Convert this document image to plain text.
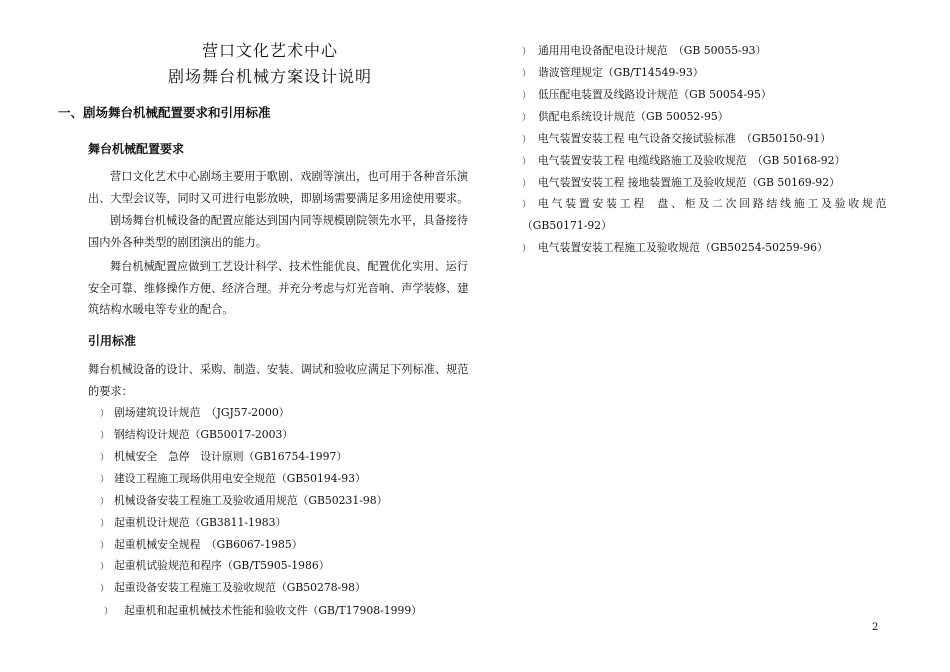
营口文化艺术中心
剧场舞台机械方案设计说明
一、剧场舞台机械配置要求和引用标准
舞台机械配置要求
营口文化艺术中心剧场主要用于歌剧、戏剧等演出，也可用于各种音乐演
出、大型会议等，同时又可进行电影放映，即剧场需要满足多用途使用要求。
剧场舞台机械设备的配置应能达到国内同等规模剧院领先水平，具备接待
国内外各种类型的剧团演出的能力。
舞台机械配置应做到工艺设计科学、技术性能优良、配置优化实用、运行
安全可靠、维修操作方便、经济合理。并充分考虑与灯光音响、声学装修、建
筑结构水暖电等专业的配合。
引用标准
舞台机械设备的设计、采购、制造、安装、调试和验收应满足下列标准、规范
的要求：
） 剧场建筑设计规范　（JGJ57-2000）
） 钢结构设计规范（GB50017-2003）
） 机械安全　急停　设计原则（GB16754-1997）
） 建设工程施工现场供用电安全规范（GB50194-93）
） 机械设备安装工程施工及验收通用规范（GB50231-98）
） 起重机设计规范（GB3811-1983）
） 起重机械安全规程　（GB6067-1985）
） 起重机试验规范和程序（GB/T5905-1986）
） 起重设备安装工程施工及验收规范（GB50278-98）
） 起重机和起重机械技术性能和验收文件（GB/T17908-1999）
） 通用用电设备配电设计规范　（GB 50055-93）
） 谐波管理规定（GB/T14549-93）
） 低压配电装置及线路设计规范（GB 50054-95）
） 供配电系统设计规范（GB 50052-95）
） 电气装置安装工程 电气设备交接试验标准　（GB50150-91）
） 电气装置安装工程 电缆线路施工及验收规范　（GB 50168-92）
） 电气装置安装工程 接地装置施工及验收规范（GB 50169-92）
） 电 气 装 置 安 装 工 程　 盘 、 柜 及 二 次 回 路 结 线 施 工 及 验 收 规 范
（GB50171-92）
） 电气装置安装工程施工及验收规范（GB50254-50259-96）
2
